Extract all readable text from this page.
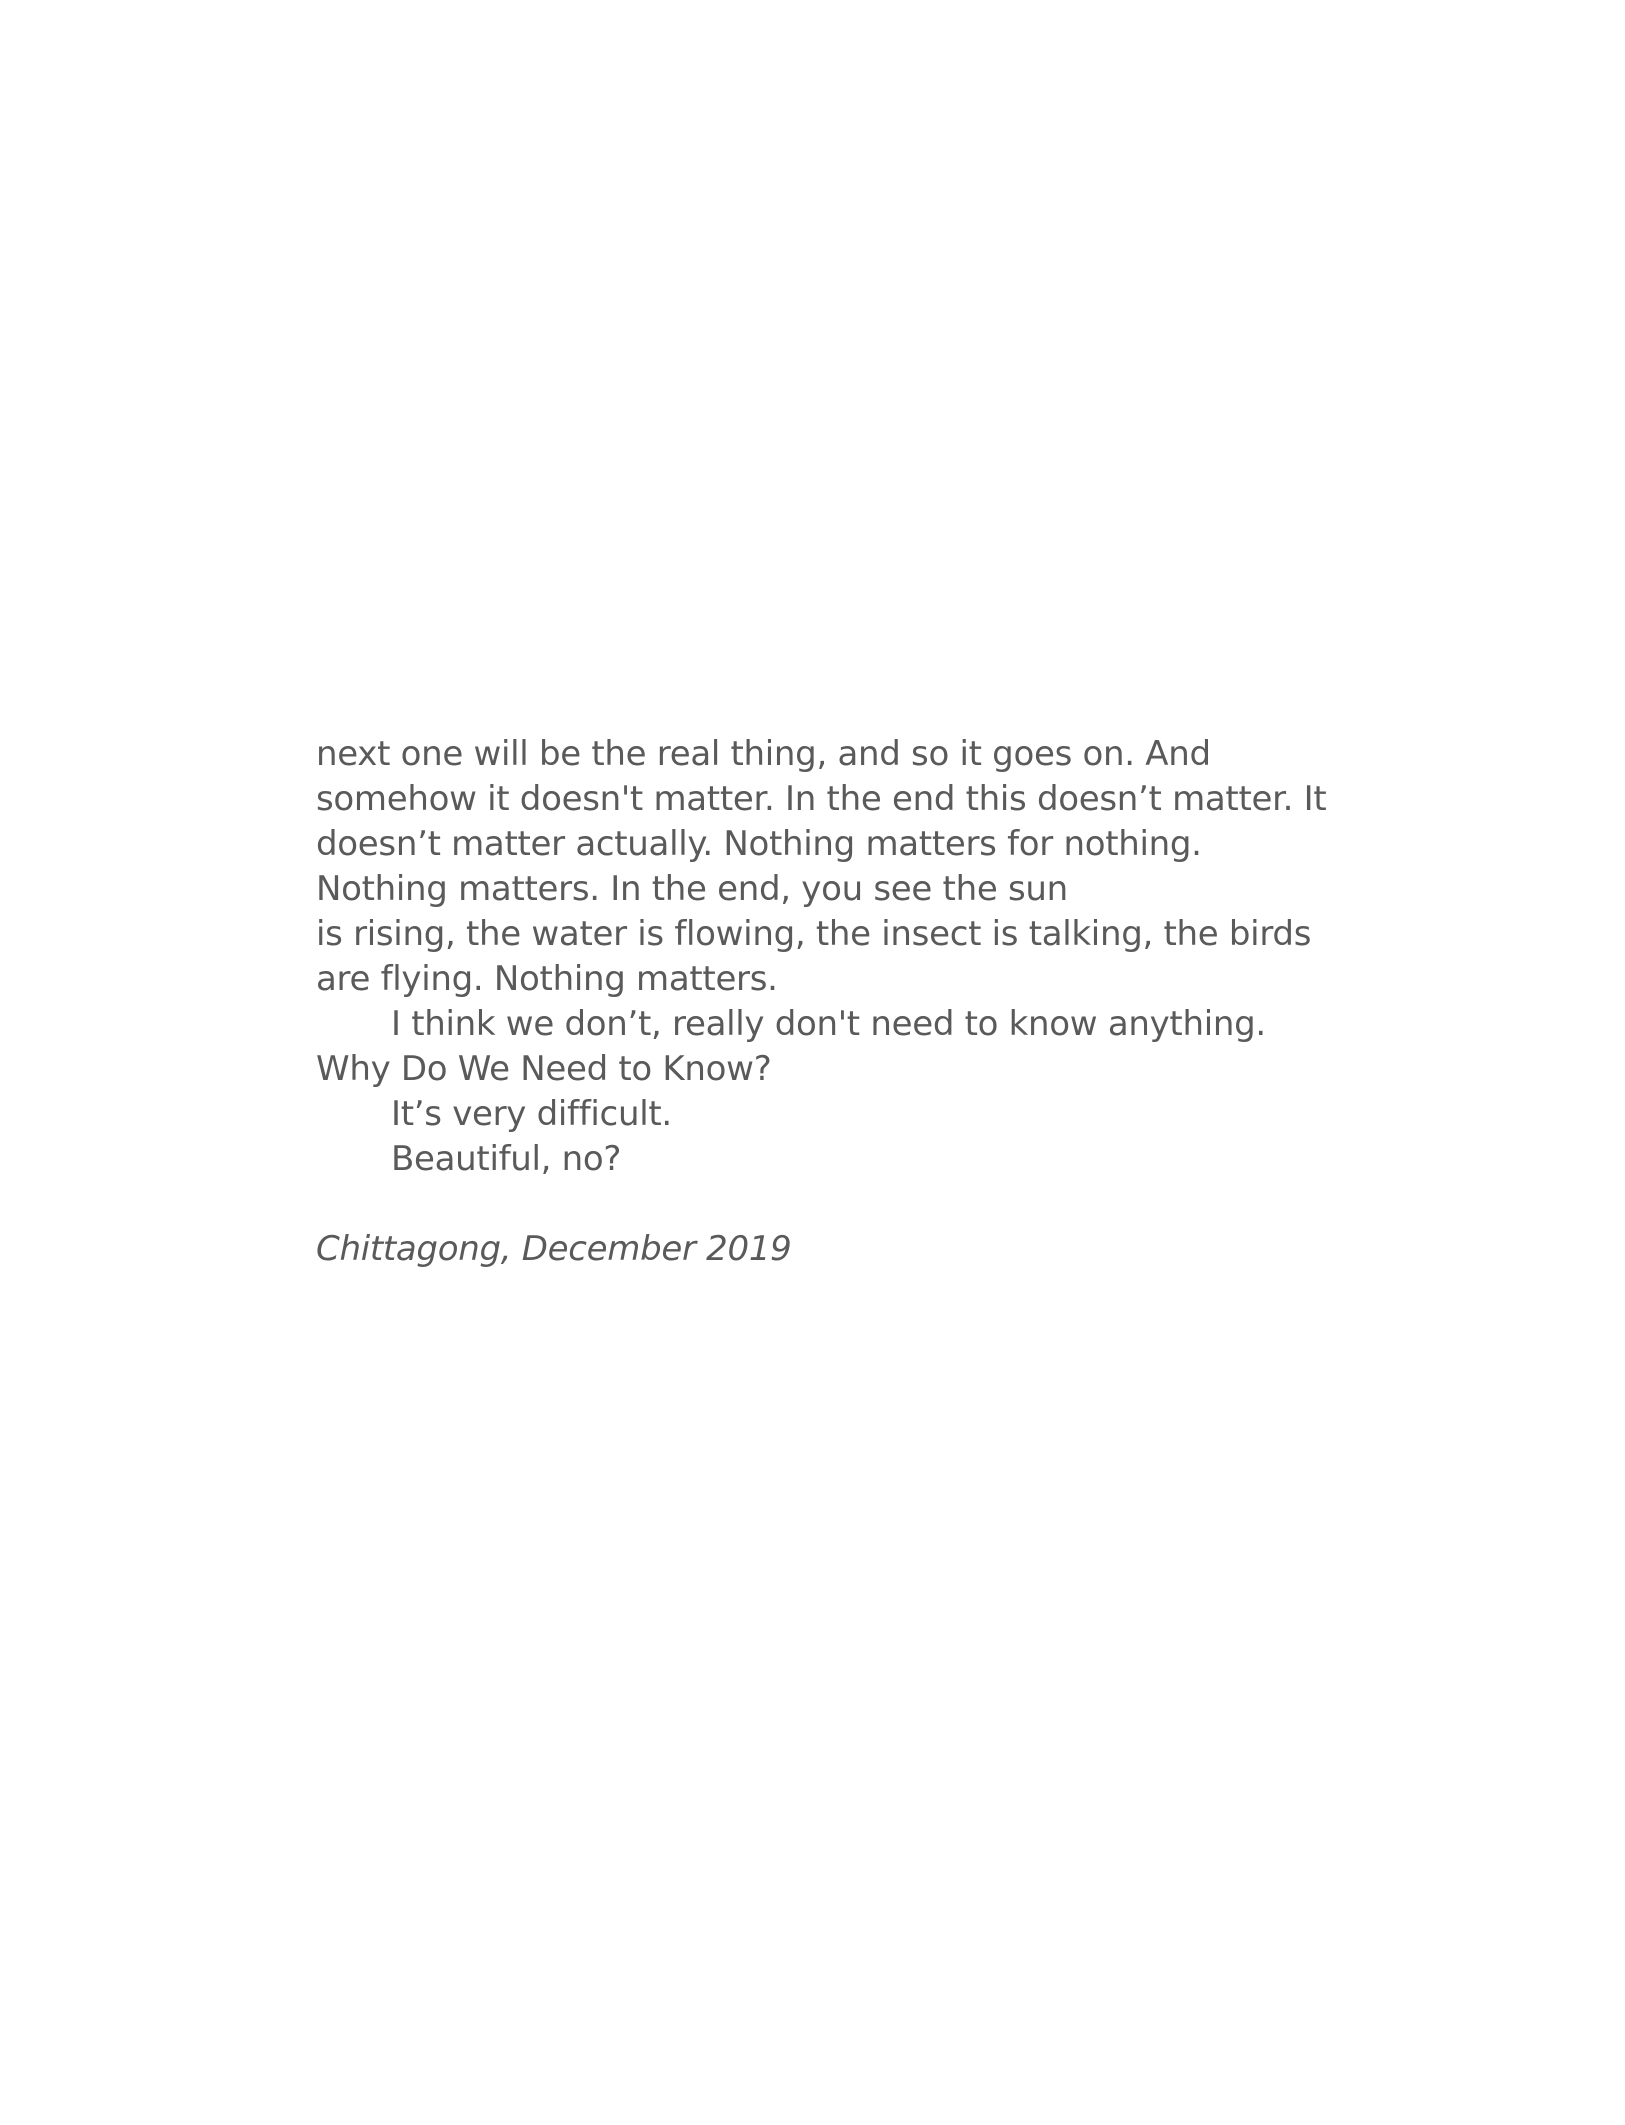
next one will be the real thing, and so it goes on. And
somehow it doesn't matter. In the end this doesn’t matter. It
doesn’t matter actually. Nothing matters for nothing.
Nothing matters. In the end, you see the sun
is rising, the water is flowing, the insect is talking, the birds
are flying. Nothing matters.
I think we don’t, really don't need to know anything.
Why Do We Need to Know?
It’s very difficult.
Beautiful, no?
Chittagong, December 2019
